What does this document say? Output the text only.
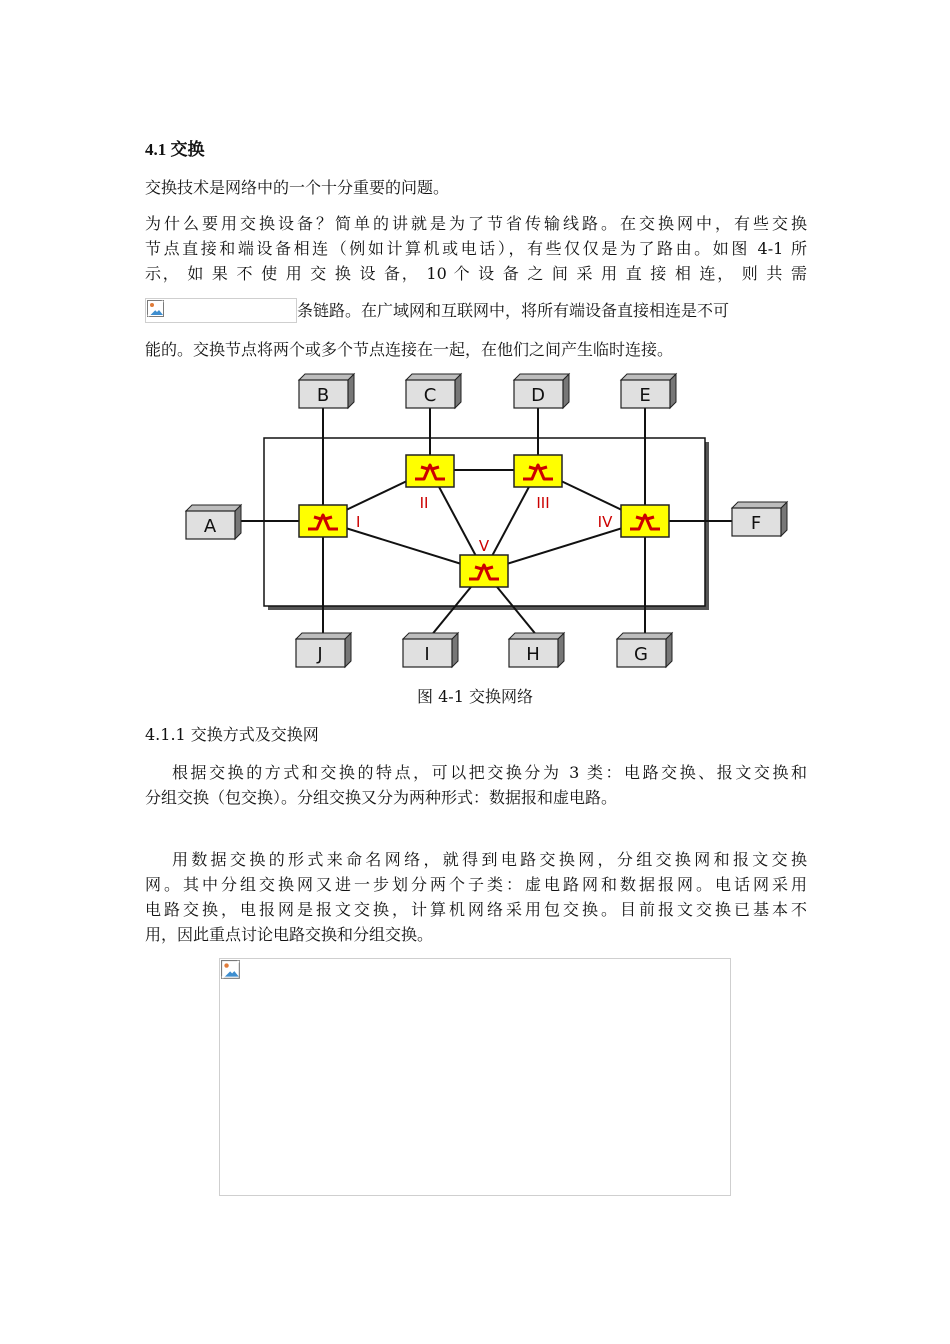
4.1 交换

交换技术是网络中的一个十分重要的问题。

为什么要用交换设备？简单的讲就是为了节省传输线路。在交换网中，有些交换

节点直接和端设备相连（例如计算机或电话），有些仅仅是为了路由。如图 4-1 所

示， 如 果 不 使 用 交 换 设 备， 10 个 设 备 之 间 采 用 直 接 相 连， 则 共 需

条链路。在广域网和互联网中，将所有端设备直接相连是不可

能的。交换节点将两个或多个节点连接在一起，在他们之间产生临时连接。

B	C	D	E
A	F
J	I	H	G
I
II	III
IV
V
图 4-1 交换网络

4.1.1 交换方式及交换网

根据交换的方式和交换的特点，可以把交换分为 3 类：电路交换、报文交换和

分组交换（包交换）。分组交换又分为两种形式：数据报和虚电路。

用数据交换的形式来命名网络，就得到电路交换网，分组交换网和报文交换

网。其中分组交换网又进一步划分两个子类：虚电路网和数据报网。电话网采用

电路交换，电报网是报文交换，计算机网络采用包交换。目前报文交换已基本不

用，因此重点讨论电路交换和分组交换。
